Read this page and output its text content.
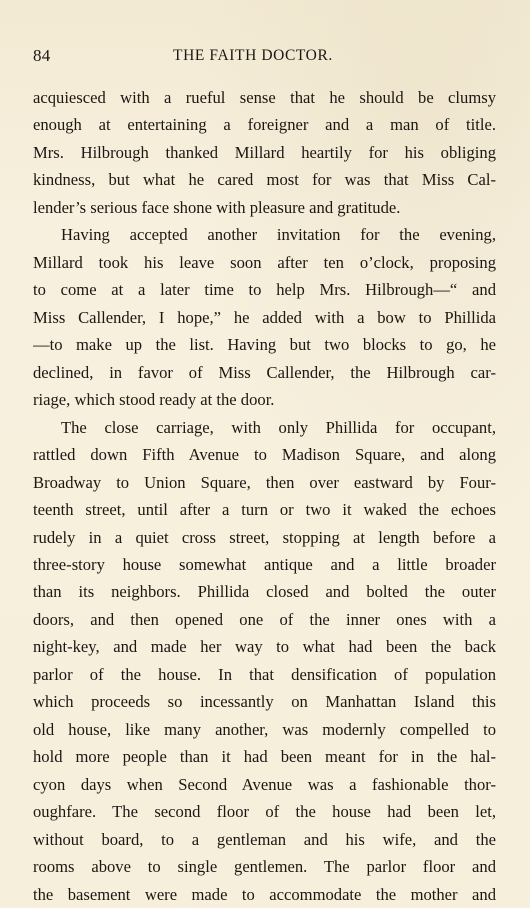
84	THE FAITH DOCTOR.
acquiesced with a rueful sense that he should be clumsy
enough at entertaining a foreigner and a man of title.
Mrs. Hilbrough thanked Millard heartily for his obliging
kindness, but what he cared most for was that Miss Cal-
lender’s serious face shone with pleasure and gratitude.
Having accepted another invitation for the evening,
Millard took his leave soon after ten o’clock, proposing
to come at a later time to help Mrs. Hilbrough—“ and
Miss Callender, I hope,” he added with a bow to Phillida
—to make up the list. Having but two blocks to go, he
declined, in favor of Miss Callender, the Hilbrough car-
riage, which stood ready at the door.
The close carriage, with only Phillida for occupant,
rattled down Fifth Avenue to Madison Square, and along
Broadway to Union Square, then over eastward by Four-
teenth street, until after a turn or two it waked the echoes
rudely in a quiet cross street, stopping at length before a
three-story house somewhat antique and a little broader
than its neighbors. Phillida closed and bolted the outer
doors, and then opened one of the inner ones with a
night-key, and made her way to what had been the back
parlor of the house. In that densification of population
which proceeds so incessantly on Manhattan Island this
old house, like many another, was modernly compelled to
hold more people than it had been meant for in the hal-
cyon days when Second Avenue was a fashionable thor-
oughfare. The second floor of the house had been let,
without board, to a gentleman and his wife, and the
rooms above to single gentlemen. The parlor floor and
the basement were made to accommodate the mother and
